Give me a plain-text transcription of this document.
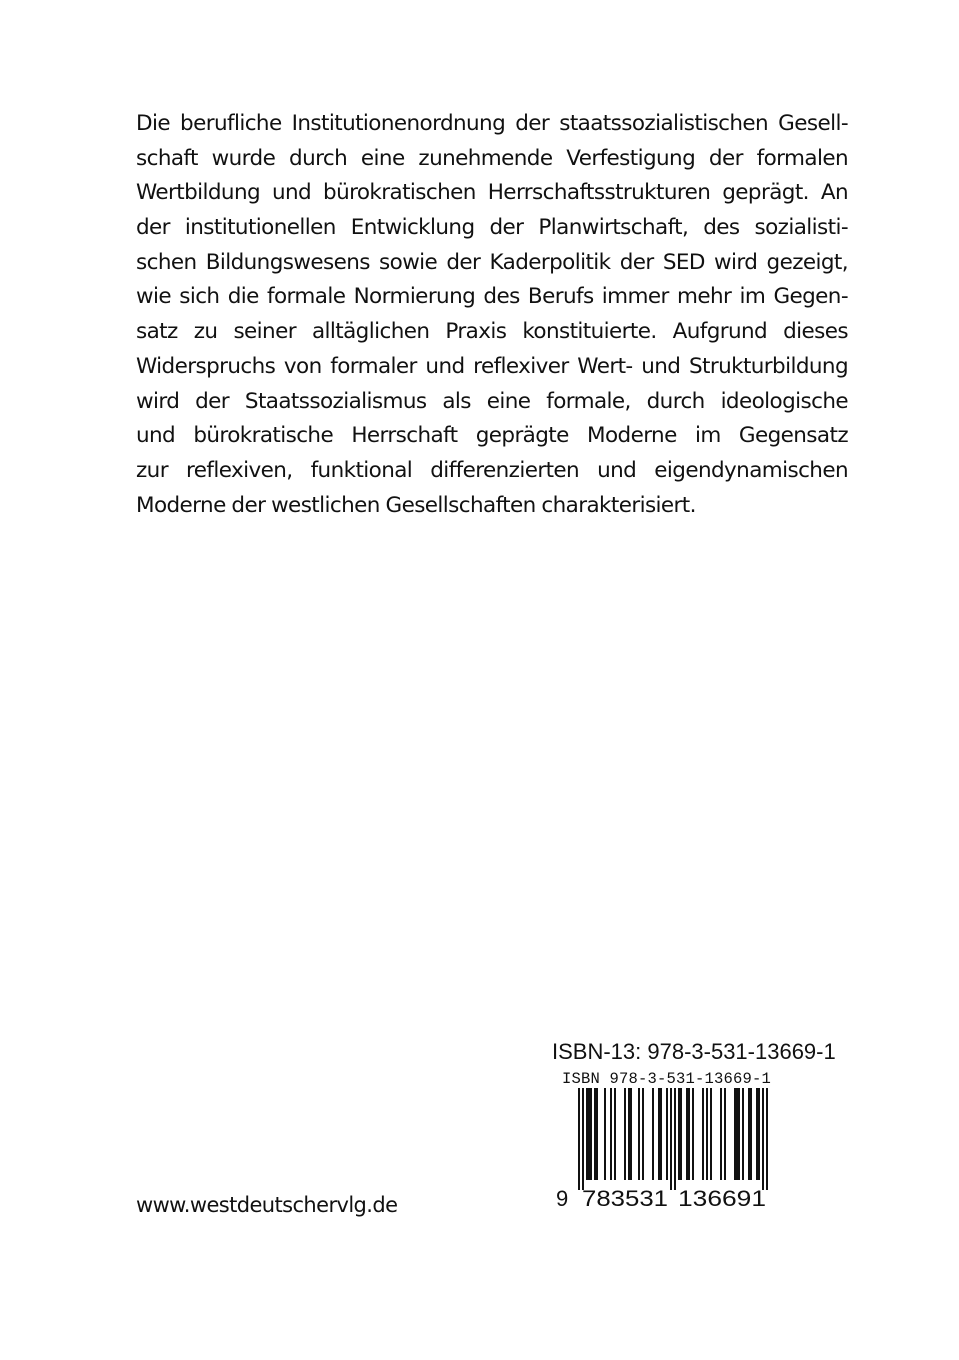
Die berufliche Institutionenordnung der staatssozialistischen Gesell-
schaft wurde durch eine zunehmende Verfestigung der formalen
Wertbildung und bürokratischen Herrschaftsstrukturen geprägt. An
der institutionellen Entwicklung der Planwirtschaft, des sozialisti-
schen Bildungswesens sowie der Kaderpolitik der SED wird gezeigt,
wie sich die formale Normierung des Berufs immer mehr im Gegen-
satz zu seiner alltäglichen Praxis konstituierte. Aufgrund dieses
Widerspruchs von formaler und reflexiver Wert- und Strukturbildung
wird der Staatssozialismus als eine formale, durch ideologische
und bürokratische Herrschaft geprägte Moderne im Gegensatz
zur reflexiven, funktional differenzierten und eigendynamischen
Moderne der westlichen Gesellschaften charakterisiert.
ISBN-13: 978-3-531-13669-1
ISBN 978-3-531-13669-1
9 783531 136691
www.westdeutschervlg.de
